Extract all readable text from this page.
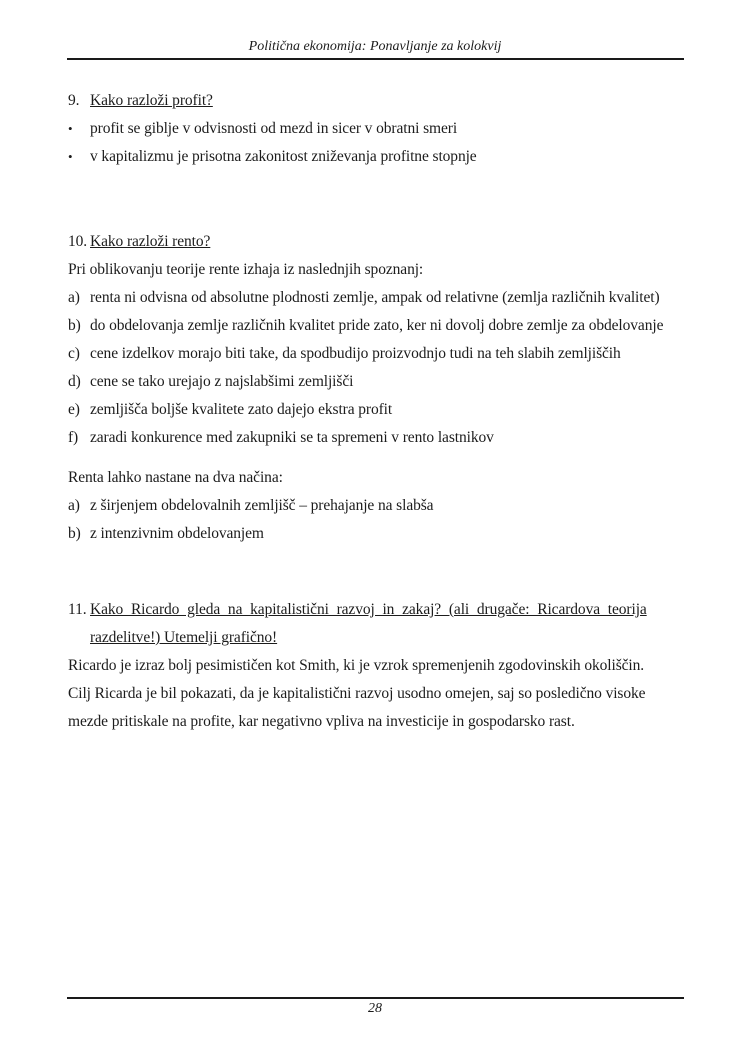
Politična ekonomija: Ponavljanje za kolokvij
9. Kako razloži profit?
•	profit se giblje v odvisnosti od mezd in sicer v obratni smeri
•	v kapitalizmu je prisotna zakonitost zniževanja profitne stopnje
10. Kako razloži rento?
Pri oblikovanju teorije rente izhaja iz naslednjih spoznanj:
a) renta ni odvisna od absolutne plodnosti zemlje, ampak od relativne (zemlja različnih kvalitet)
b) do obdelovanja zemlje različnih kvalitet pride zato, ker ni dovolj dobre zemlje za obdelovanje
c) cene izdelkov morajo biti take, da spodbudijo proizvodnjo tudi na teh slabih zemljiščih
d) cene se tako urejajo z najslabšimi zemljišči
e) zemljišča boljše kvalitete zato dajejo ekstra profit
f) zaradi konkurence med zakupniki se ta spremeni v rento lastnikov
Renta lahko nastane na dva načina:
a) z širjenjem obdelovalnih zemljišč – prehajanje na slabša
b) z intenzivnim obdelovanjem
11. Kako Ricardo gleda na kapitalistični razvoj in zakaj? (ali drugače: Ricardova teorija
razdelitve!) Utemelji grafično!
Ricardo je izraz bolj pesimističen kot Smith, ki je vzrok spremenjenih zgodovinskih okoliščin.
Cilj Ricarda je bil pokazati, da je kapitalistični razvoj usodno omejen, saj so posledično visoke
mezde pritiskale na profite, kar negativno vpliva na investicije in gospodarsko rast.
28
